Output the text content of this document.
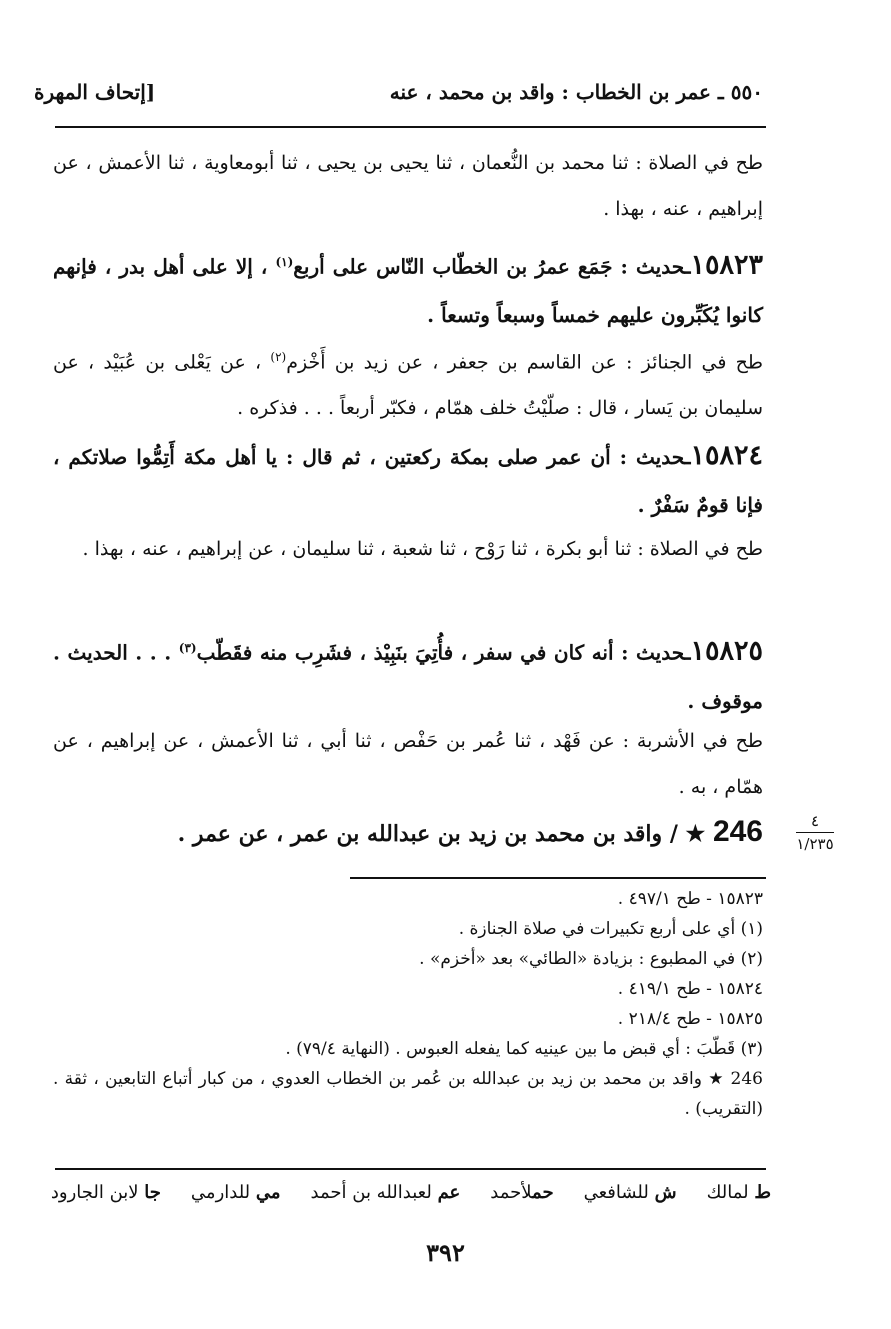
٥٥٠ ـ عمر بن الخطاب : واقد بن محمد ، عنه
[إتحاف المهرة
طح في الصلاة : ثنا محمد بن النُّعمان ، ثنا يحيى بن يحيى ، ثنا أبومعاوية ، ثنا الأعمش ، عن إبراهيم ، عنه ، بهذا .
١٥٨٢٣ـحديث : جَمَع عمرُ بن الخطّاب النّاس على أربع$^{(١)}$ ، إلا على أهل بدر ، فإنهم كانوا يُكَبِّرون عليهم خمساً وسبعاً وتسعاً .
طح في الجنائز : عن القاسم بن جعفر ، عن زيد بن أَخْزم$^{(٢)}$ ، عن يَعْلى بن عُبَيْد ، عن سليمان بن يَسار ، قال : صلّيْتُ خلف همّام ، فكبّر أربعاً . . . فذكره .
١٥٨٢٤ـحديث : أن عمر صلى بمكة ركعتين ، ثم قال : يا أهل مكة أَتِمُّوا صلاتكم ، فإنا قومٌ سَفْرٌ .
طح في الصلاة : ثنا أبو بكرة ، ثنا رَوْح ، ثنا شعبة ، ثنا سليمان ، عن إبراهيم ، عنه ، بهذا .
١٥٨٢٥ـحديث : أنه كان في سفر ، فأُتِيَ بنَبِيْذ ، فشَرِب منه فقَطّب$^{(٣)}$ . . . الحديث . موقوف .
طح في الأشربة : عن فَهْد ، ثنا عُمر بن حَفْص ، ثنا أبي ، ثنا الأعمش ، عن إبراهيم ، عن همّام ، به .
246 ★ / واقد بن محمد بن زيد بن عبدالله بن عمر ، عن عمر .	٤
١/٢٣٥
١٥٨٢٣ - طح ٤٩٧/١ .
(١) أي على أربع تكبيرات في صلاة الجنازة .
(٢) في المطبوع : بزيادة «الطائي» بعد «أخزم» .
١٥٨٢٤ - طح ٤١٩/١ .
١٥٨٢٥ - طح ٢١٨/٤ .
(٣) قَطّبَ : أي قبض ما بين عينيه كما يفعله العبوس . (النهاية ٧٩/٤) .
246 ★ واقد بن محمد بن زيد بن عبدالله بن عُمر بن الخطاب العدوي ، من كبار أتباع التابعين ، ثقة . (التقريب) .
ط لمالك
ش للشافعي
حملأحمد
عم لعبدالله بن أحمد
مي للدارمي
جا لابن الجارود
٣٩٢
